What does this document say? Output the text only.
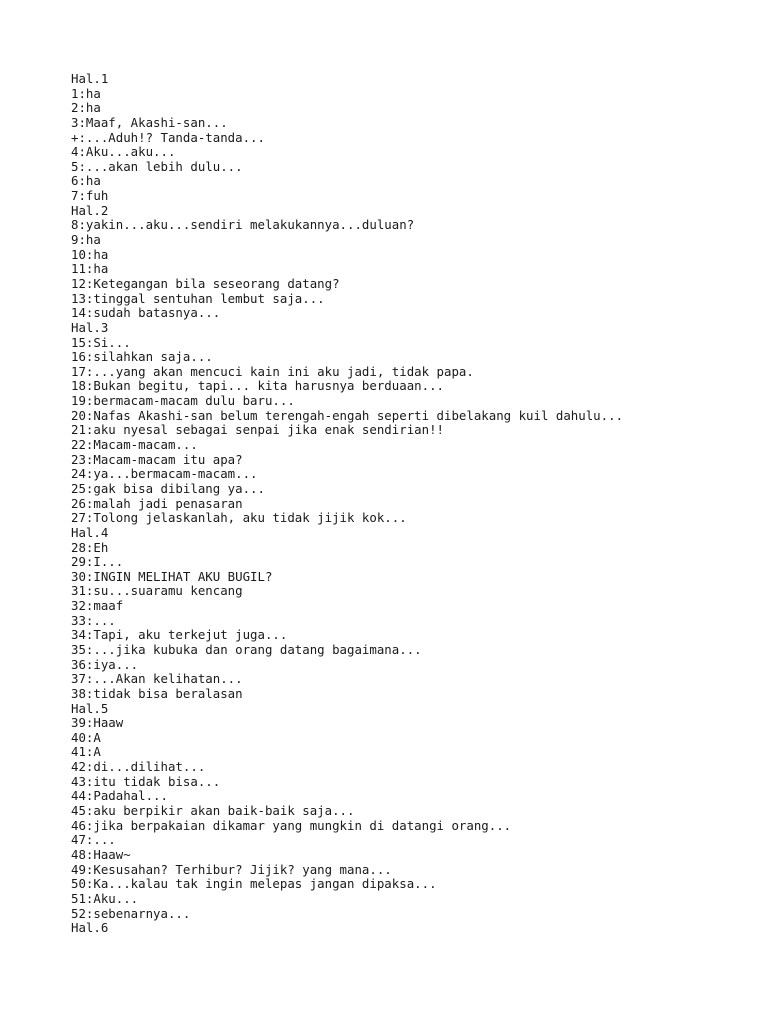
Hal.1
1:ha
2:ha
3:Maaf, Akashi-san...
+:...Aduh!? Tanda-tanda...
4:Aku...aku...
5:...akan lebih dulu...
6:ha
7:fuh
Hal.2
8:yakin...aku...sendiri melakukannya...duluan?
9:ha
10:ha
11:ha
12:Ketegangan bila seseorang datang?
13:tinggal sentuhan lembut saja...
14:sudah batasnya...
Hal.3
15:Si...
16:silahkan saja...
17:...yang akan mencuci kain ini aku jadi, tidak papa.
18:Bukan begitu, tapi... kita harusnya berduaan...
19:bermacam-macam dulu baru...
20:Nafas Akashi-san belum terengah-engah seperti dibelakang kuil dahulu...
21:aku nyesal sebagai senpai jika enak sendirian!!
22:Macam-macam...
23:Macam-macam itu apa?
24:ya...bermacam-macam...
25:gak bisa dibilang ya...
26:malah jadi penasaran
27:Tolong jelaskanlah, aku tidak jijik kok...
Hal.4
28:Eh
29:I...
30:INGIN MELIHAT AKU BUGIL?
31:su...suaramu kencang
32:maaf
33:...
34:Tapi, aku terkejut juga...
35:...jika kubuka dan orang datang bagaimana...
36:iya...
37:...Akan kelihatan...
38:tidak bisa beralasan
Hal.5
39:Haaw
40:A
41:A
42:di...dilihat...
43:itu tidak bisa...
44:Padahal...
45:aku berpikir akan baik-baik saja...
46:jika berpakaian dikamar yang mungkin di datangi orang...
47:...
48:Haaw~
49:Kesusahan? Terhibur? Jijik? yang mana...
50:Ka...kalau tak ingin melepas jangan dipaksa...
51:Aku...
52:sebenarnya...
Hal.6
